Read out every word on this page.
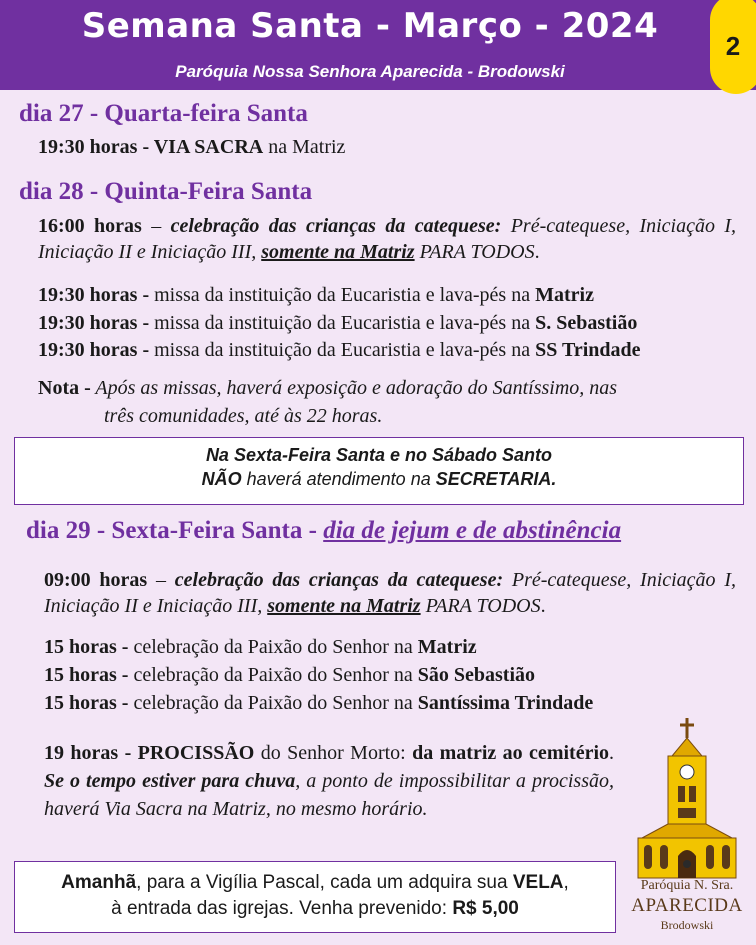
Semana Santa - Março - 2024
Paróquia Nossa Senhora Aparecida - Brodowski
2
dia 27 - Quarta-feira Santa
19:30 horas - VIA SACRA na Matriz
dia 28 - Quinta-Feira Santa
16:00 horas – celebração das crianças da catequese: Pré-catequese, Iniciação I, Iniciação II e Iniciação III, somente na Matriz PARA TODOS.
19:30 horas - missa da instituição da Eucaristia e lava-pés na Matriz
19:30 horas - missa da instituição da Eucaristia e lava-pés na S. Sebastião
19:30 horas - missa da instituição da Eucaristia e lava-pés na SS Trindade
Nota - Após as missas, haverá exposição e adoração do Santíssimo, nas
três comunidades, até às 22 horas.
Na Sexta-Feira Santa e no Sábado Santo
NÃO haverá atendimento na SECRETARIA.
dia 29 - Sexta-Feira Santa - dia de jejum e de abstinência
09:00 horas – celebração das crianças da catequese: Pré-catequese, Iniciação I, Iniciação II e Iniciação III, somente na Matriz PARA TODOS.
15 horas - celebração da Paixão do Senhor na Matriz
15 horas - celebração da Paixão do Senhor na São Sebastião
15 horas - celebração da Paixão do Senhor na Santíssima Trindade
19 horas - PROCISSÃO do Senhor Morto: da matriz ao cemitério. Se o tempo estiver para chuva, a ponto de impossibilitar a procissão, haverá Via Sacra na Matriz, no mesmo horário.
Paróquia N. Sra.
APARECIDA
Brodowski
Amanhã, para a Vigília Pascal, cada um adquira sua VELA,
à entrada das igrejas. Venha prevenido: R$ 5,00
